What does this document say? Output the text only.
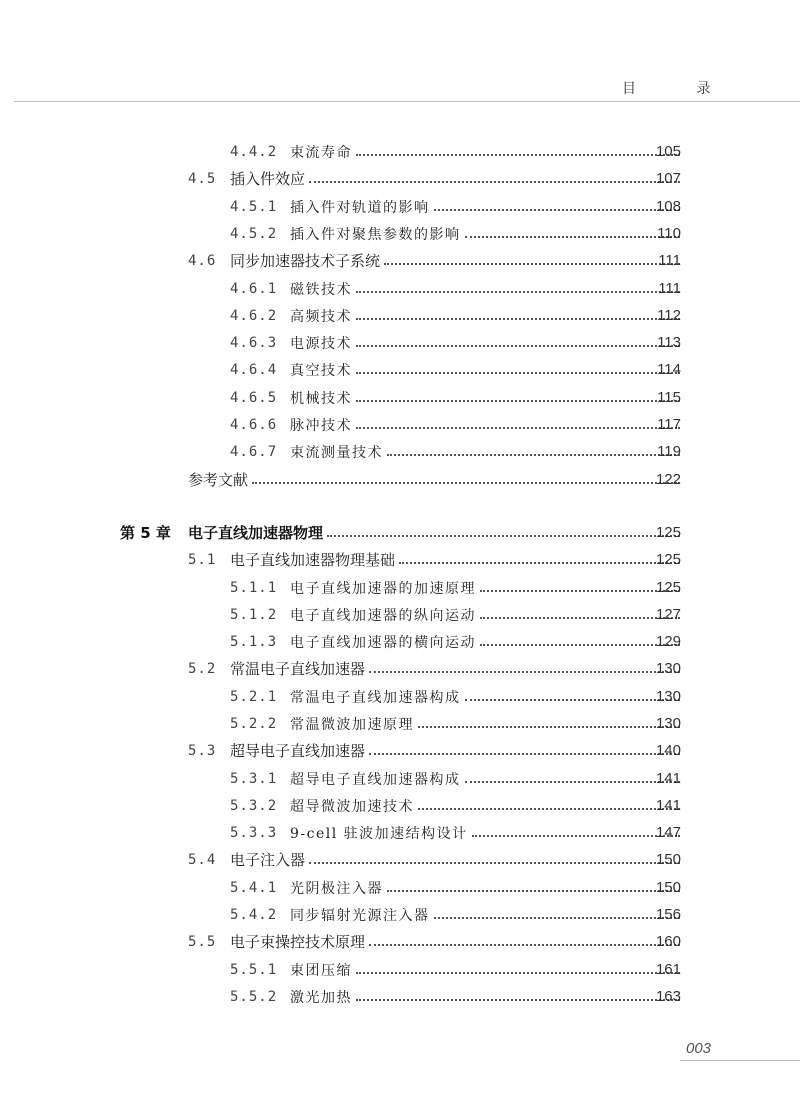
目 录
4.4.2 束流寿命	105
4.5 插入件效应	107
4.5.1 插入件对轨道的影响	108
4.5.2 插入件对聚焦参数的影响	110
4.6 同步加速器技术子系统	111
4.6.1 磁铁技术	111
4.6.2 高频技术	112
4.6.3 电源技术	113
4.6.4 真空技术	114
4.6.5 机械技术	115
4.6.6 脉冲技术	117
4.6.7 束流测量技术	119
参考文献	122
第 5 章 电子直线加速器物理	125
5.1 电子直线加速器物理基础	125
5.1.1 电子直线加速器的加速原理	125
5.1.2 电子直线加速器的纵向运动	127
5.1.3 电子直线加速器的横向运动	129
5.2 常温电子直线加速器	130
5.2.1 常温电子直线加速器构成	130
5.2.2 常温微波加速原理	130
5.3 超导电子直线加速器	140
5.3.1 超导电子直线加速器构成	141
5.3.2 超导微波加速技术	141
5.3.3 9-cell 驻波加速结构设计	147
5.4 电子注入器	150
5.4.1 光阴极注入器	150
5.4.2 同步辐射光源注入器	156
5.5 电子束操控技术原理	160
5.5.1 束团压缩	161
5.5.2 激光加热	163
003
